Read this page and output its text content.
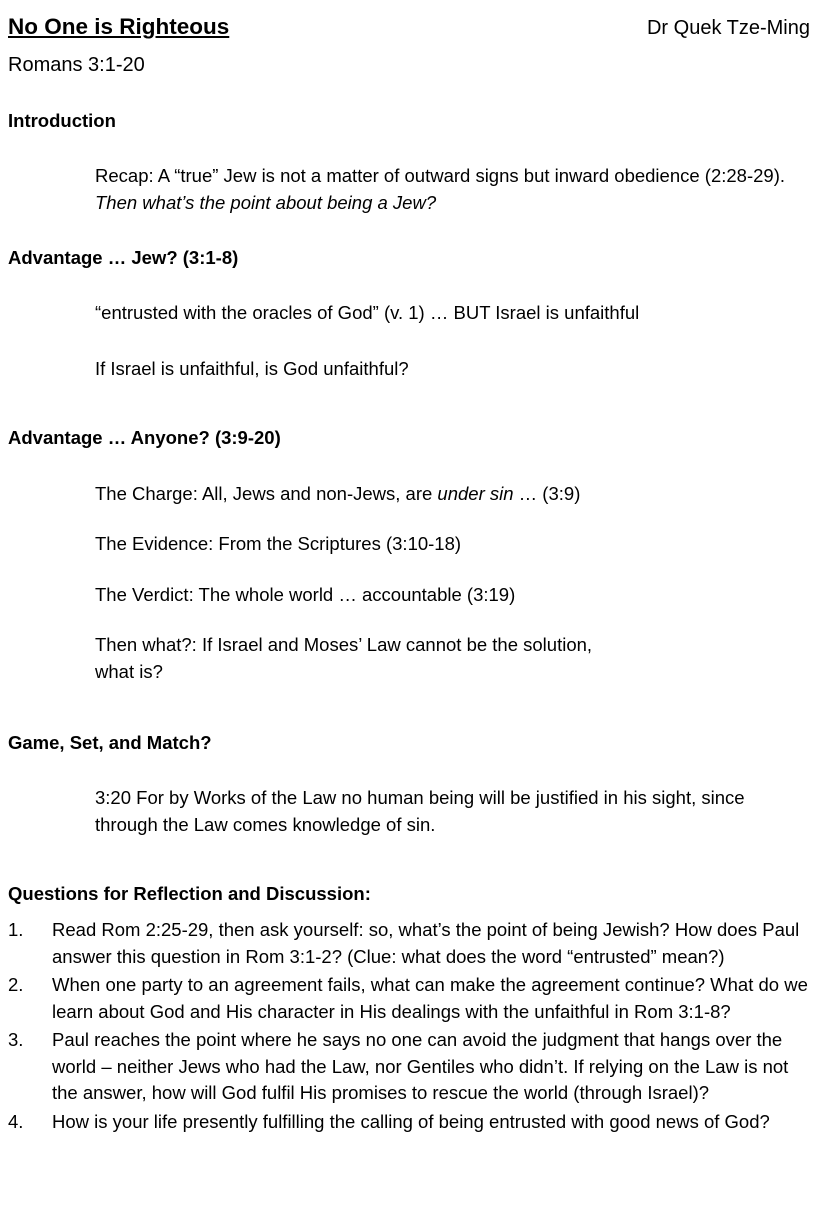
No One is Righteous	Dr Quek Tze-Ming
Romans 3:1-20
Introduction
Recap: A “true” Jew is not a matter of outward signs but inward obedience (2:28-29). Then what’s the point about being a Jew?
Advantage … Jew? (3:1-8)
“entrusted with the oracles of God” (v. 1) … BUT Israel is unfaithful
If Israel is unfaithful, is God unfaithful?
Advantage … Anyone? (3:9-20)
The Charge: All, Jews and non-Jews, are under sin … (3:9)
The Evidence: From the Scriptures (3:10-18)
The Verdict: The whole world … accountable (3:19)
Then what?: If Israel and Moses’ Law cannot be the solution,
what is?
Game, Set, and Match?
3:20 For by Works of the Law no human being will be justified in his sight, since through the Law comes knowledge of sin.
Questions for Reflection and Discussion:
1. Read Rom 2:25-29, then ask yourself: so, what’s the point of being Jewish? How does Paul answer this question in Rom 3:1-2? (Clue: what does the word “entrusted” mean?)
2. When one party to an agreement fails, what can make the agreement continue? What do we learn about God and His character in His dealings with the unfaithful in Rom 3:1-8?
3. Paul reaches the point where he says no one can avoid the judgment that hangs over the world – neither Jews who had the Law, nor Gentiles who didn’t. If relying on the Law is not the answer, how will God fulfil His promises to rescue the world (through Israel)?
4. How is your life presently fulfilling the calling of being entrusted with good news of God?
